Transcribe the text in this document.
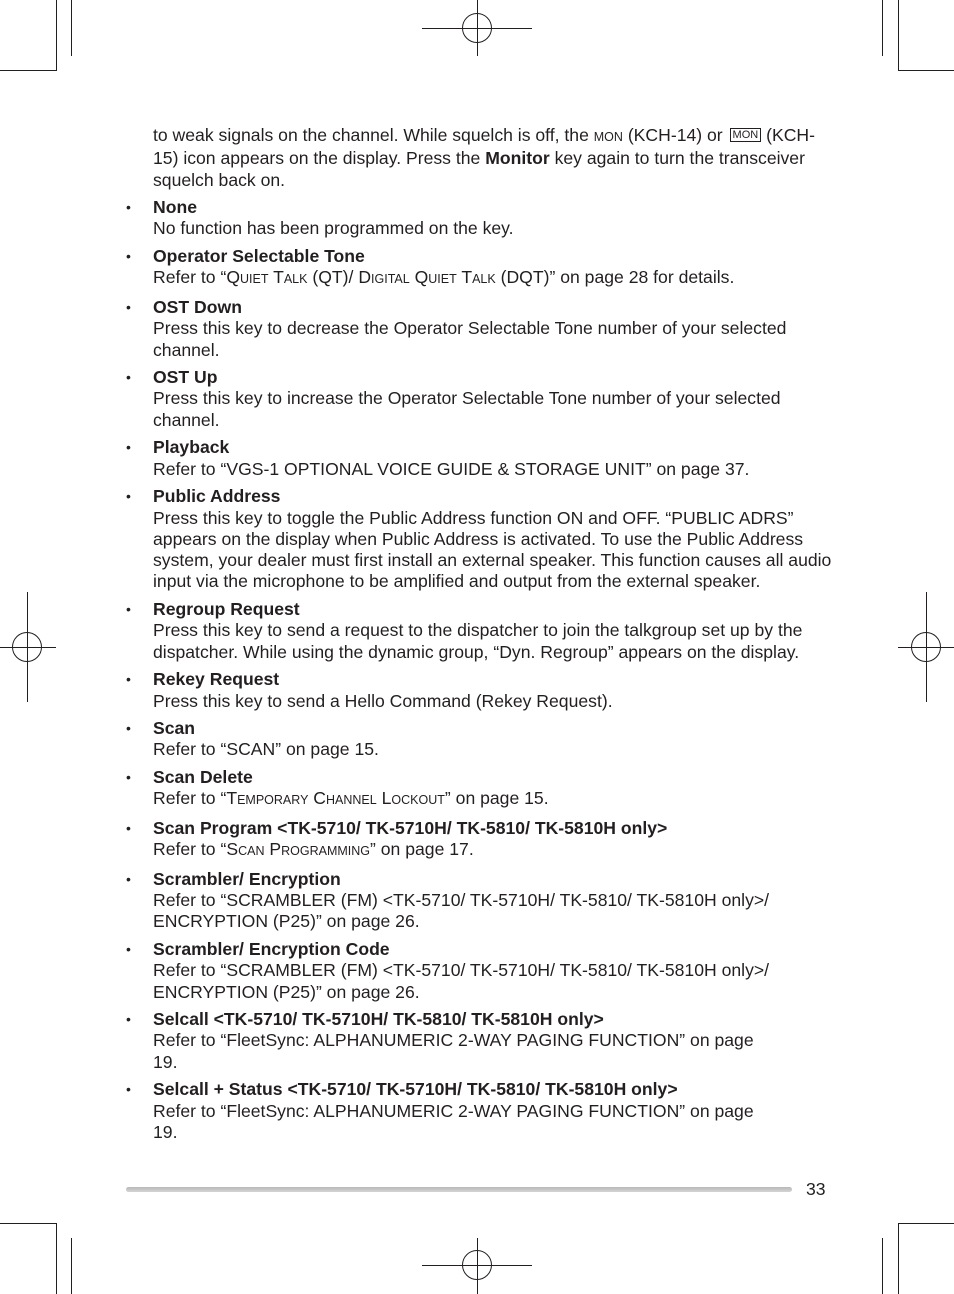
to weak signals on the channel. While squelch is off, the MON (KCH-14) or MON (KCH-15) icon appears on the display. Press the Monitor key again to turn the transceiver squelch back on.

• None
No function has been programmed on the key.
• Operator Selectable Tone
Refer to “QUIET TALK (QT)/ DIGITAL QUIET TALK (DQT)” on page 28 for details.
• OST Down
Press this key to decrease the Operator Selectable Tone number of your selected channel.
• OST Up
Press this key to increase the Operator Selectable Tone number of your selected channel.
• Playback
Refer to “VGS-1 OPTIONAL VOICE GUIDE & STORAGE UNIT” on page 37.
• Public Address
Press this key to toggle the Public Address function ON and OFF. “PUBLIC ADRS” appears on the display when Public Address is activated. To use the Public Address system, your dealer must first install an external speaker. This function causes all audio input via the microphone to be amplified and output from the external speaker.
• Regroup Request
Press this key to send a request to the dispatcher to join the talkgroup set up by the dispatcher. While using the dynamic group, “Dyn. Regroup” appears on the display.
• Rekey Request
Press this key to send a Hello Command (Rekey Request).
• Scan
Refer to “SCAN” on page 15.
• Scan Delete
Refer to “TEMPORARY CHANNEL LOCKOUT” on page 15.
• Scan Program <TK-5710/ TK-5710H/ TK-5810/ TK-5810H only>
Refer to “SCAN PROGRAMMING” on page 17.
• Scrambler/ Encryption
Refer to “SCRAMBLER (FM) <TK-5710/ TK-5710H/ TK-5810/ TK-5810H only>/ ENCRYPTION (P25)” on page 26.
• Scrambler/ Encryption Code
Refer to “SCRAMBLER (FM) <TK-5710/ TK-5710H/ TK-5810/ TK-5810H only>/ ENCRYPTION (P25)” on page 26.
• Selcall <TK-5710/ TK-5710H/ TK-5810/ TK-5810H only>
Refer to “FleetSync: ALPHANUMERIC 2-WAY PAGING FUNCTION” on page 19.
• Selcall + Status <TK-5710/ TK-5710H/ TK-5810/ TK-5810H only>
Refer to “FleetSync: ALPHANUMERIC 2-WAY PAGING FUNCTION” on page 19.
33
